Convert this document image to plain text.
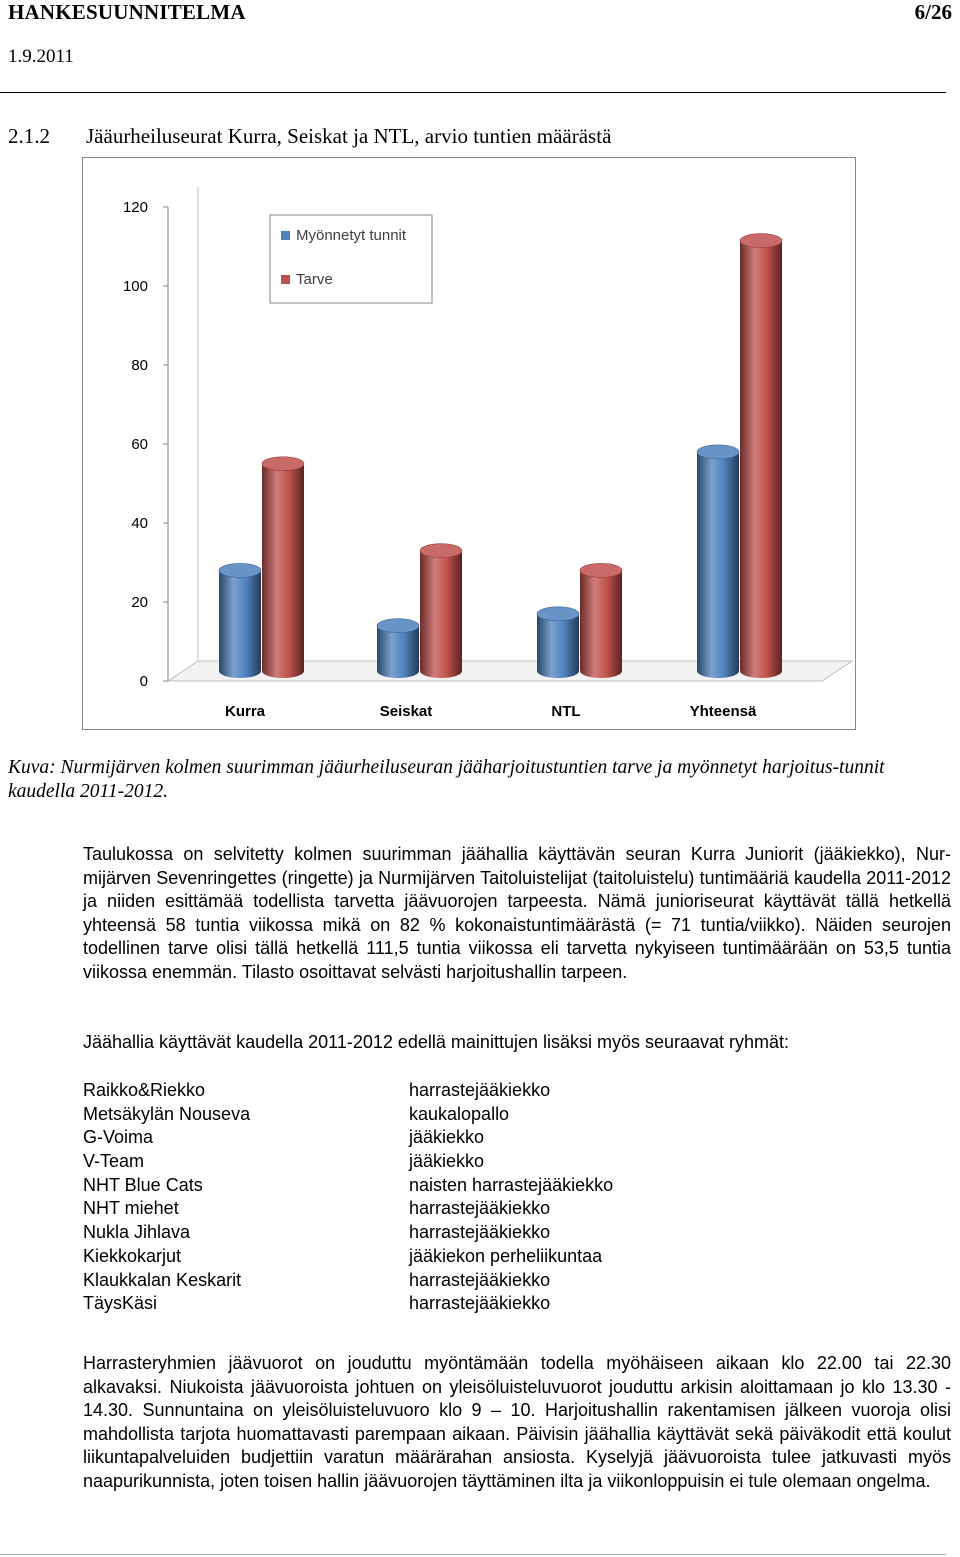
HANKESUUNNITELMA	6/26
1.9.2011
2.1.2 Jääurheiluseurat Kurra, Seiskat ja NTL, arvio tuntien määrästä
0
20
40
60
80
100
120
Kurra	Seiskat	NTL	Yhteensä
Myönnetyt tunnit
Tarve
Kuva: Nurmijärven kolmen suurimman jääurheiluseuran jääharjoitustuntien tarve ja myönnetyt harjoitus-tunnit kaudella 2011-2012.
Taulukossa on selvitetty kolmen suurimman jäähallia käyttävän seuran Kurra Juniorit (jääkiekko), Nur-mijärven Sevenringettes (ringette) ja Nurmijärven Taitoluistelijat (taitoluistelu) tuntimääriä kaudella 2011-2012 ja niiden esittämää todellista tarvetta jäävuorojen tarpeesta. Nämä junioriseurat käyttävät tällä hetkellä yhteensä 58 tuntia viikossa mikä on 82 % kokonaistuntimäärästä (= 71 tuntia/viikko). Näiden seurojen todellinen tarve olisi tällä hetkellä 111,5 tuntia viikossa eli tarvetta nykyiseen tuntimäärään on 53,5 tuntia viikossa enemmän. Tilasto osoittavat selvästi harjoitushallin tarpeen.
Jäähallia käyttävät kaudella 2011-2012 edellä mainittujen lisäksi myös seuraavat ryhmät:
Raikko&Riekko	harrastejääkiekko
Metsäkylän Nouseva	kaukalopallo
G-Voima	jääkiekko
V-Team	jääkiekko
NHT Blue Cats	naisten harrastejääkiekko
NHT miehet	harrastejääkiekko
Nukla Jihlava	harrastejääkiekko
Kiekkokarjut	jääkiekon perheliikuntaa
Klaukkalan Keskarit	harrastejääkiekko
TäysKäsi	harrastejääkiekko
Harrasteryhmien jäävuorot on jouduttu myöntämään todella myöhäiseen aikaan klo 22.00 tai 22.30 alkavaksi. Niukoista jäävuoroista johtuen on yleisöluisteluvuorot jouduttu arkisin aloittamaan jo klo 13.30 - 14.30. Sunnuntaina on yleisöluisteluvuoro klo 9 – 10. Harjoitushallin rakentamisen jälkeen vuoroja olisi mahdollista tarjota huomattavasti parempaan aikaan. Päivisin jäähallia käyttävät sekä päiväkodit että koulut liikuntapalveluiden budjettiin varatun määrärahan ansiosta. Kyselyjä jäävuoroista tulee jatkuvasti myös naapurikunnista, joten toisen hallin jäävuorojen täyttäminen ilta ja viikonloppuisin ei tule olemaan ongelma.
